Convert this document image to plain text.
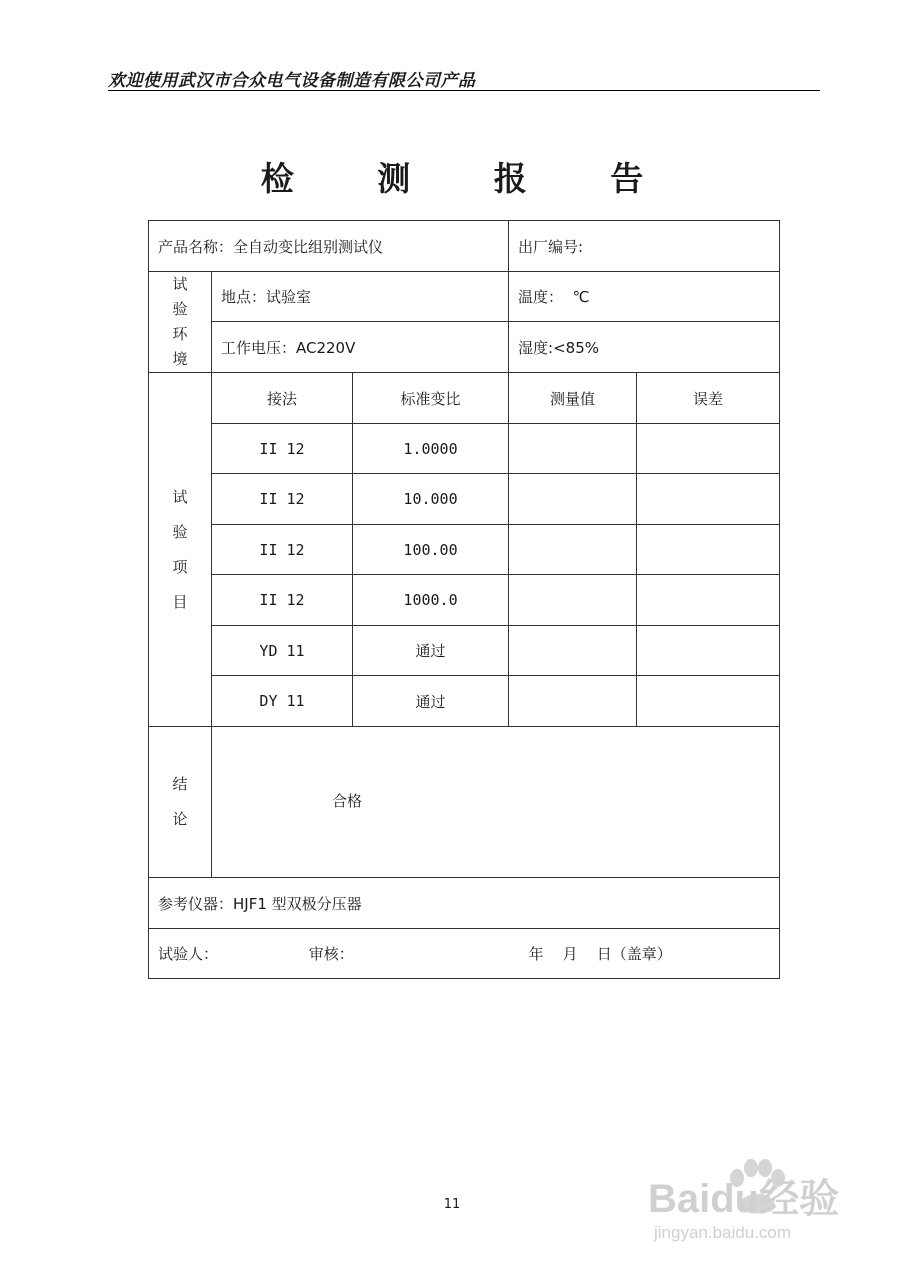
欢迎使用武汉市合众电气设备制造有限公司产品
检 测 报 告
产品名称：全自动变比组别测试仪			出厂编号:	

试
验
环
境	地点：试验室		温度：  ℃	
	工作电压：AC220V		湿度:<85%	

试
验
项
目	接法	标准变比	测量值	误差
	II 12	1.0000		
	II 12	10.000		
	II 12	100.00		
	II 12	1000.0		
	YD 11	通过		
	DY 11	通过		

结
论	合格			
参考仪器：HJF1 型双极分压器				
试验人： 审核： 年    月    日（盖章）				
11	Baidu经验
jingyan.baidu.com
